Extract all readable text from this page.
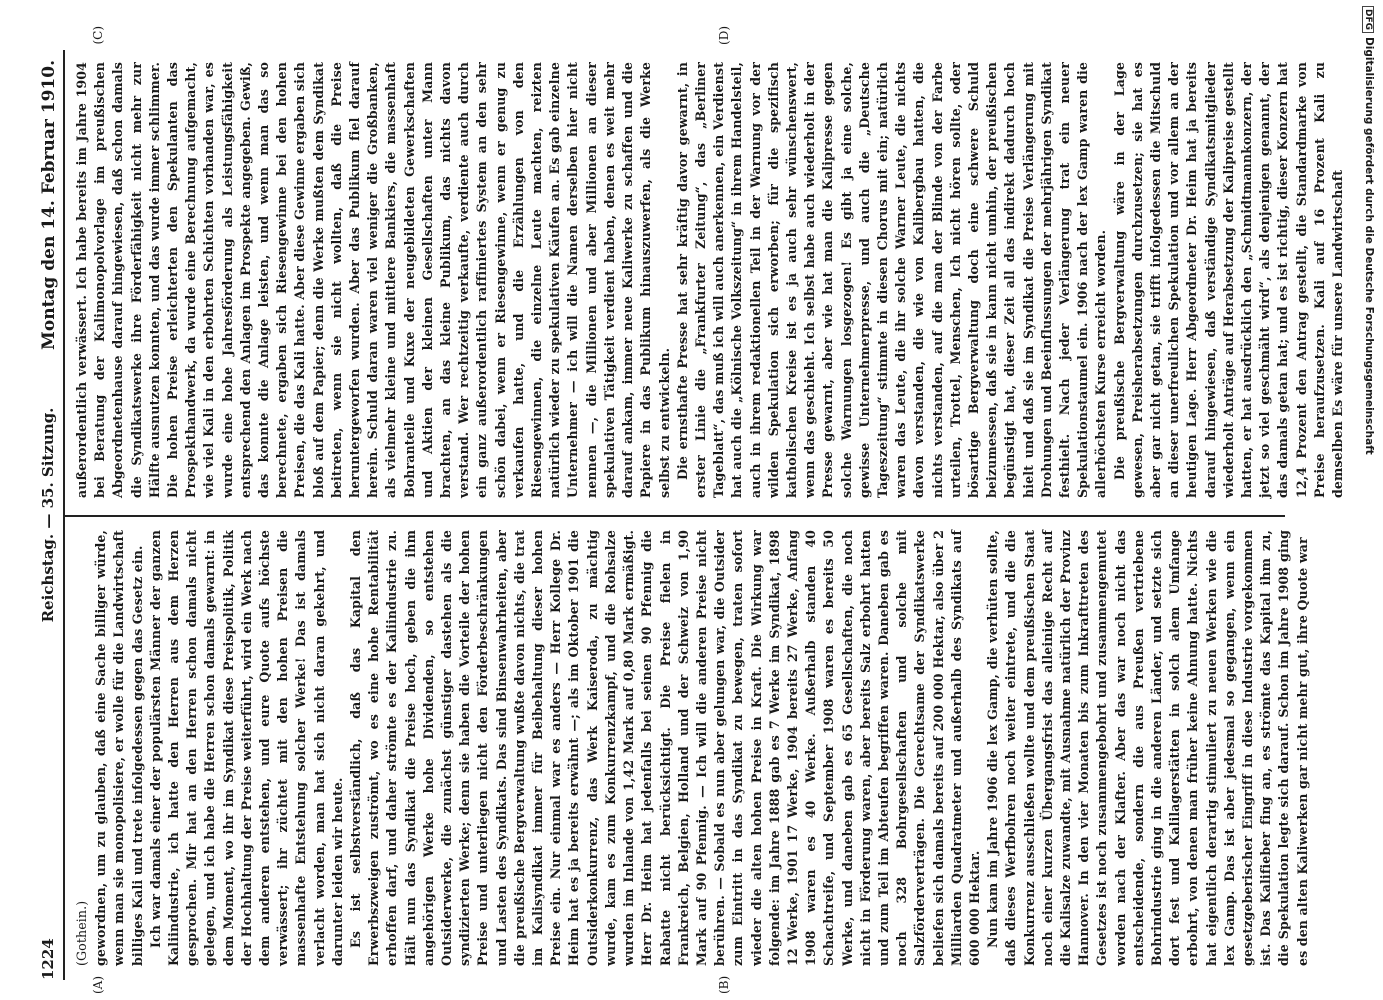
1224
Reichstag. — 35. Sitzung.
Montag den 14. Februar 1910.
(A)	(B)
(C)	(D)
(Gothein.) gewordnen, um zu glauben, daß eine Sache billiger würde, wenn man sie monopolisiere, er wolle für die Landwirtschaft billiges Kali und trete infolgedessen gegen das Gesetz ein. Ich war damals einer der populärsten Männer der ganzen Kaliindustrie, ich hatte den Herren aus dem Herzen gesprochen. Mir hat an den Herren schon damals nicht gelegen, und ich habe die Herren schon damals gewarnt: in dem Moment, wo ihr im Syndikat diese Preispolitik, Politik der Hochhaltung der Preise weiterführt, wird ein Werk nach dem anderen entstehen, und eure Quote aufs höchste verwässert; ihr züchtet mit den hohen Preisen die massenhafte Entstehung solcher Werke! Das ist damals verlacht worden, man hat sich nicht daran gekehrt, und darunter leiden wir heute. Es ist selbstverständlich, daß das Kapital den Erwerbszweigen zuströmt, wo es eine hohe Rentabilität erhoffen darf, und daher strömte es der Kaliindustrie zu. Hält nun das Syndikat die Preise hoch, geben die ihm angehörigen Werke hohe Dividenden, so entstehen Outsiderwerke, die zunächst günstiger dastehen als die syndizierten Werke; denn sie haben die Vorteile der hohen Preise und unterliegen nicht den Förderbeschränkungen und Lasten des Syndikats. Das sind Binsenwahrheiten, aber die preußische Bergverwaltung wußte davon nichts, die trat im Kalisyndikat immer für Beibehaltung dieser hohen Preise ein. Nur einmal war es anders — Herr Kollege Dr. Heim hat es ja bereits erwähnt —; als im Oktober 1901 die Outsiderkonkurrenz, das Werk Kaiseroda, zu mächtig wurde, kam es zum Konkurrenzkampf, und die Rohsalze wurden im Inlande von 1,42 Mark auf 0,80 Mark ermäßigt. Herr Dr. Heim hat jedenfalls bei seinen 90 Pfennig die Rabatte nicht berücksichtigt. Die Preise fielen in Frankreich, Belgien, Holland und der Schweiz von 1,90 Mark auf 90 Pfennig. — Ich will die anderen Preise nicht berühren. — Sobald es nun aber gelungen war, die Outsider zum Eintritt in das Syndikat zu bewegen, traten sofort wieder die alten hohen Preise in Kraft. Die Wirkung war folgende: im Jahre 1888 gab es 7 Werke im Syndikat, 1898 12 Werke, 1901 17 Werke, 1904 bereits 27 Werke, Anfang 1908 waren es 40 Werke. Außerhalb standen 40 Schachtreife, und September 1908 waren es bereits 50 Werke, und daneben gab es 65 Gesellschaften, die noch nicht in Förderung waren, aber bereits Salz erbohrt hatten und zum Teil im Abteufen begriffen waren. Daneben gab es noch 328 Bohrgesellschaften und solche mit Salzförderverträgen. Die Gerechtsame der Syndikatswerke beliefen sich damals bereits auf 200 000 Hektar, also über 2 Milliarden Quadratmeter und außerhalb des Syndikats auf 600 000 Hektar. Nun kam im Jahre 1906 die lex Gamp, die verhüten sollte, daß dieses Werfbohren noch weiter eintrete, und die die Konkurrenz ausschließen wollte und dem preußischen Staat noch einer kurzen Übergangsfrist das alleinige Recht auf die Kalisalze zuwandte, mit Ausnahme natürlich der Provinz Hannover. In den vier Monaten bis zum Inkrafttreten des Gesetzes ist noch zusammengebohrt und zusammengemutet worden nach der Klafter. Aber das war noch nicht das entscheidende, sondern die aus Preußen vertriebene Bohrindustrie ging in die anderen Länder, und setzte sich dort fest und Kalilagerstätten in solch alem Umfange erbohrt, von denen man früher keine Ahnung hatte. Nichts hat eigentlich derartig stimuliert zu neuen Werken wie die lex Gamp. Das ist aber jedesmal so gegangen, wenn ein gesetzgeberischer Eingriff in diese Industrie vorgekommen ist. Das Kalifieber fing an, es strömte das Kapital ihm zu, die Spekulation legte sich darauf. Schon im Jahre 1908 ging es den alten Kaliwerken gar nicht mehr gut, ihre Quote war

außerordentlich verwässert. Ich habe bereits im Jahre 1904 bei Beratung der Kalimonopolvorlage im preußischen Abgeordnetenhause darauf hingewiesen, daß schon damals die Syndikatswerke ihre Förderfähigkeit nicht mehr zur Hälfte ausnutzen konnten, und das wurde immer schlimmer. Die hohen Preise erleichterten den Spekulanten das Prospekthandwerk, da wurde eine Berechnung aufgemacht, wie viel Kali in den erbohrten Schichten vorhanden war, es wurde eine hohe Jahresförderung als Leistungsfähigkeit entsprechend den Anlagen im Prospekte angegeben. Gewiß, das konnte die Anlage leisten, und wenn man das so berechnete, ergaben sich Riesengewinne bei den hohen Preisen, die das Kali hatte. Aber diese Gewinne ergaben sich bloß auf dem Papier; denn die Werke mußten dem Syndikat beitreten, wenn sie nicht wollten, daß die Preise heruntergeworfen wurden. Aber das Publikum fiel darauf herein. Schuld daran waren viel weniger die Großbanken, als vielmehr kleine und mittlere Bankiers, die massenhaft Bohranteile und Kuxe der neugebildeten Gewerkschaften und Aktien der kleinen Gesellschaften unter Mann brachten, an das kleine Publikum, das nichts davon verstand. Wer rechtzeitig verkaufte, verdiente auch durch ein ganz außerordentlich raffiniertes System an den sehr schön dabei, wenn er Riesengewinne, wenn er genug zu verkaufen hatte, und die Erzählungen von den Riesengewinnen, die einzelne Leute machten, reizten natürlich wieder zu spekulativen Käufen an. Es gab einzelne Unternehmer — ich will die Namen derselben hier nicht nennen —, die Millionen und aber Millionen an dieser spekulativen Tätigkeit verdient haben, denen es weit mehr darauf ankam, immer neue Kaliwerke zu schaffen und die Papiere in das Publikum hinauszuwerfen, als die Werke selbst zu entwickeln. Die ernsthafte Presse hat sehr kräftig davor gewarnt, in erster Linie die „Frankfurter Zeitung“, das „Berliner Tageblatt“, das muß ich will auch anerkennen, ein Verdienst hat auch die „Kölnische Volkszeitung“ in ihrem Handelsteil, auch in ihrem redaktionellen Teil in der Warnung vor der wilden Spekulation sich erworben; für die spezifisch katholischen Kreise ist es ja auch sehr wünschenswert, wenn das geschieht. Ich selbst habe auch wiederholt in der Presse gewarnt, aber wie hat man die Kalipresse gegen solche Warnungen losgezogen! Es gibt ja eine solche, gewisse Unternehmerpresse, und auch die „Deutsche Tageszeitung“ stimmte in diesen Chorus mit ein; natürlich waren das Leute, die ihr solche Warner Leute, die nichts davon verstanden, die wie von Kalibergbau hatten, die nichts verstanden, auf die man der Blinde von der Farbe urteilen, Trottel, Menschen, Ich nicht hören sollte, oder bösartige Bergverwaltung doch eine schwere Schuld beizumessen, daß sie in kann nicht umhin, der preußischen begünstigt hat, dieser Zeit all das indirekt dadurch hoch hielt und daß sie im Syndikat die Preise Verlängerung mit Drohungen und Beeinflussungen der mehrjährigen Syndikat festhielt. Nach jeder Verlängerung trat ein neuer Spekulationstaumel ein. 1906 nach der lex Gamp waren die allerhöchsten Kurse erreicht worden. Die preußische Bergverwaltung wäre in der Lage gewesen, Preisherabsetzungen durchzusetzen; sie hat es aber gar nicht getan, sie trifft infolgedessen die Mitschuld an dieser unerfreulichen Spekulation und vor allem an der heutigen Lage. Herr Abgeordneter Dr. Heim hat ja bereits darauf hingewiesen, daß verständige Syndikatsmitglieder wiederholt Anträge auf Herabsetzung der Kalipreise gestellt hatten, er hat ausdrücklich den „Schmidtmannkonzern, der jetzt so viel geschmäht wird“, als denjenigen genannt, der das damals getan hat; und es ist richtig, dieser Konzern hat 12,4 Prozent den Antrag gestellt, die Standardmarke von Preise heraufzusetzen. Kali auf 16 Prozent Kali zu demselben Es wäre für unsere Landwirtschaft

DFGDigitalisierung gefördert durch die Deutsche Forschungsgemeinschaft
